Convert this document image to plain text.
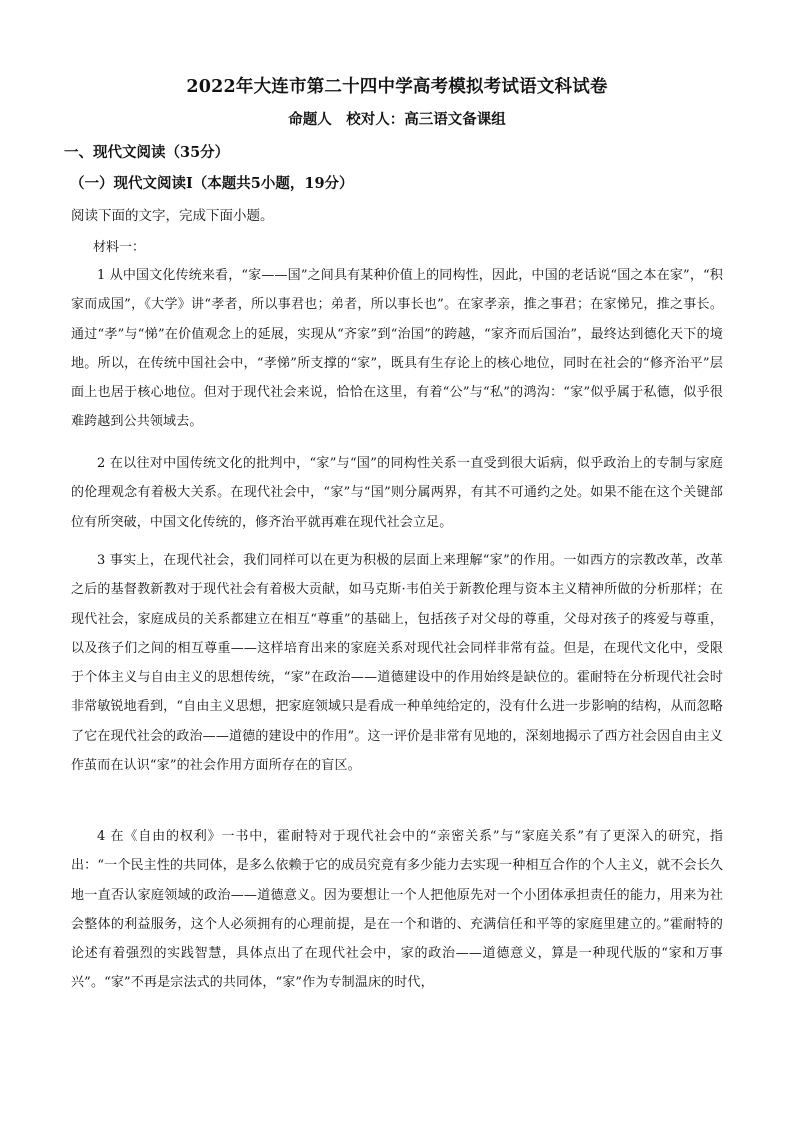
2022年大连市第二十四中学高考模拟考试语文科试卷
命题人　校对人：高三语文备课组
一、现代文阅读（35分）
（一）现代文阅读Ⅰ（本题共5小题，19分）
阅读下面的文字，完成下面小题。
材料一：

1 从中国文化传统来看，“家——国”之间具有某种价值上的同构性，因此，中国的老话说“国之本在家”，“积家而成国”，《大学》讲“孝者，所以事君也；弟者，所以事长也”。在家孝亲，推之事君；在家悌兄，推之事长。通过“孝”与“悌”在价值观念上的延展，实现从“齐家”到“治国”的跨越，“家齐而后国治”，最终达到德化天下的境地。所以，在传统中国社会中，“孝悌”所支撑的“家”，既具有生存论上的核心地位，同时在社会的“修齐治平”层面上也居于核心地位。但对于现代社会来说，恰恰在这里，有着“公”与“私”的鸿沟：“家”似乎属于私德，似乎很难跨越到公共领域去。

2 在以往对中国传统文化的批判中，“家”与“国”的同构性关系一直受到很大诟病，似乎政治上的专制与家庭的伦理观念有着极大关系。在现代社会中，“家”与“国”则分属两界，有其不可通约之处。如果不能在这个关键部位有所突破，中国文化传统的，修齐治平就再难在现代社会立足。

3 事实上，在现代社会，我们同样可以在更为积极的层面上来理解“家”的作用。一如西方的宗教改革，改革之后的基督教新教对于现代社会有着极大贡献，如马克斯·韦伯关于新教伦理与资本主义精神所做的分析那样；在现代社会，家庭成员的关系都建立在相互“尊重”的基础上，包括孩子对父母的尊重，父母对孩子的疼爱与尊重，以及孩子们之间的相互尊重——这样培育出来的家庭关系对现代社会同样非常有益。但是，在现代文化中，受限于个体主义与自由主义的思想传统，“家”在政治——道德建设中的作用始终是缺位的。霍耐特在分析现代社会时非常敏锐地看到，“自由主义思想，把家庭领域只是看成一种单纯给定的，没有什么进一步影响的结构，从而忽略了它在现代社会的政治——道德的建设中的作用”。这一评价是非常有见地的，深刻地揭示了西方社会因自由主义作茧而在认识“家”的社会作用方面所存在的盲区。

4 在《自由的权利》一书中，霍耐特对于现代社会中的“亲密关系”与“家庭关系”有了更深入的研究，指出：“一个民主性的共同体，是多么依赖于它的成员究竟有多少能力去实现一种相互合作的个人主义，就不会长久地一直否认家庭领域的政治——道德意义。因为要想让一个人把他原先对一个小团体承担责任的能力，用来为社会整体的利益服务，这个人必须拥有的心理前提，是在一个和谐的、充满信任和平等的家庭里建立的。”霍耐特的论述有着强烈的实践智慧，具体点出了在现代社会中，家的政治——道德意义，算是一种现代版的“家和万事兴”。“家”不再是宗法式的共同体，“家”作为专制温床的时代，
